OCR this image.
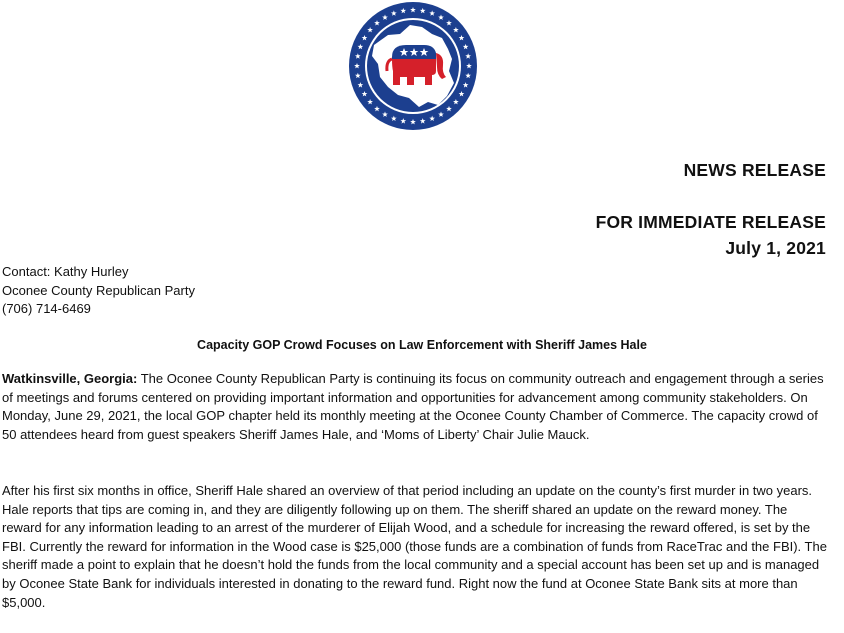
NEWS RELEASE
FOR IMMEDIATE RELEASE
July 1, 2021
Contact: Kathy Hurley
Oconee County Republican Party
(706) 714-6469
Capacity GOP Crowd Focuses on Law Enforcement with Sheriff James Hale

Watkinsville, Georgia: The Oconee County Republican Party is continuing its focus on community outreach and engagement through a series of meetings and forums centered on providing important information and opportunities for advancement among community stakeholders. On Monday, June 29, 2021, the local GOP chapter held its monthly meeting at the Oconee County Chamber of Commerce. The capacity crowd of 50 attendees heard from guest speakers Sheriff James Hale, and ‘Moms of Liberty’ Chair Julie Mauck.

After his first six months in office, Sheriff Hale shared an overview of that period including an update on the county’s first murder in two years. Hale reports that tips are coming in, and they are diligently following up on them. The sheriff shared an update on the reward money. The reward for any information leading to an arrest of the murderer of Elijah Wood, and a schedule for increasing the reward offered, is set by the FBI. Currently the reward for information in the Wood case is $25,000 (those funds are a combination of funds from RaceTrac and the FBI). The sheriff made a point to explain that he doesn’t hold the funds from the local community and a special account has been set up and is managed by Oconee State Bank for individuals interested in donating to the reward fund. Right now the fund at Oconee State Bank sits at more than $5,000.
